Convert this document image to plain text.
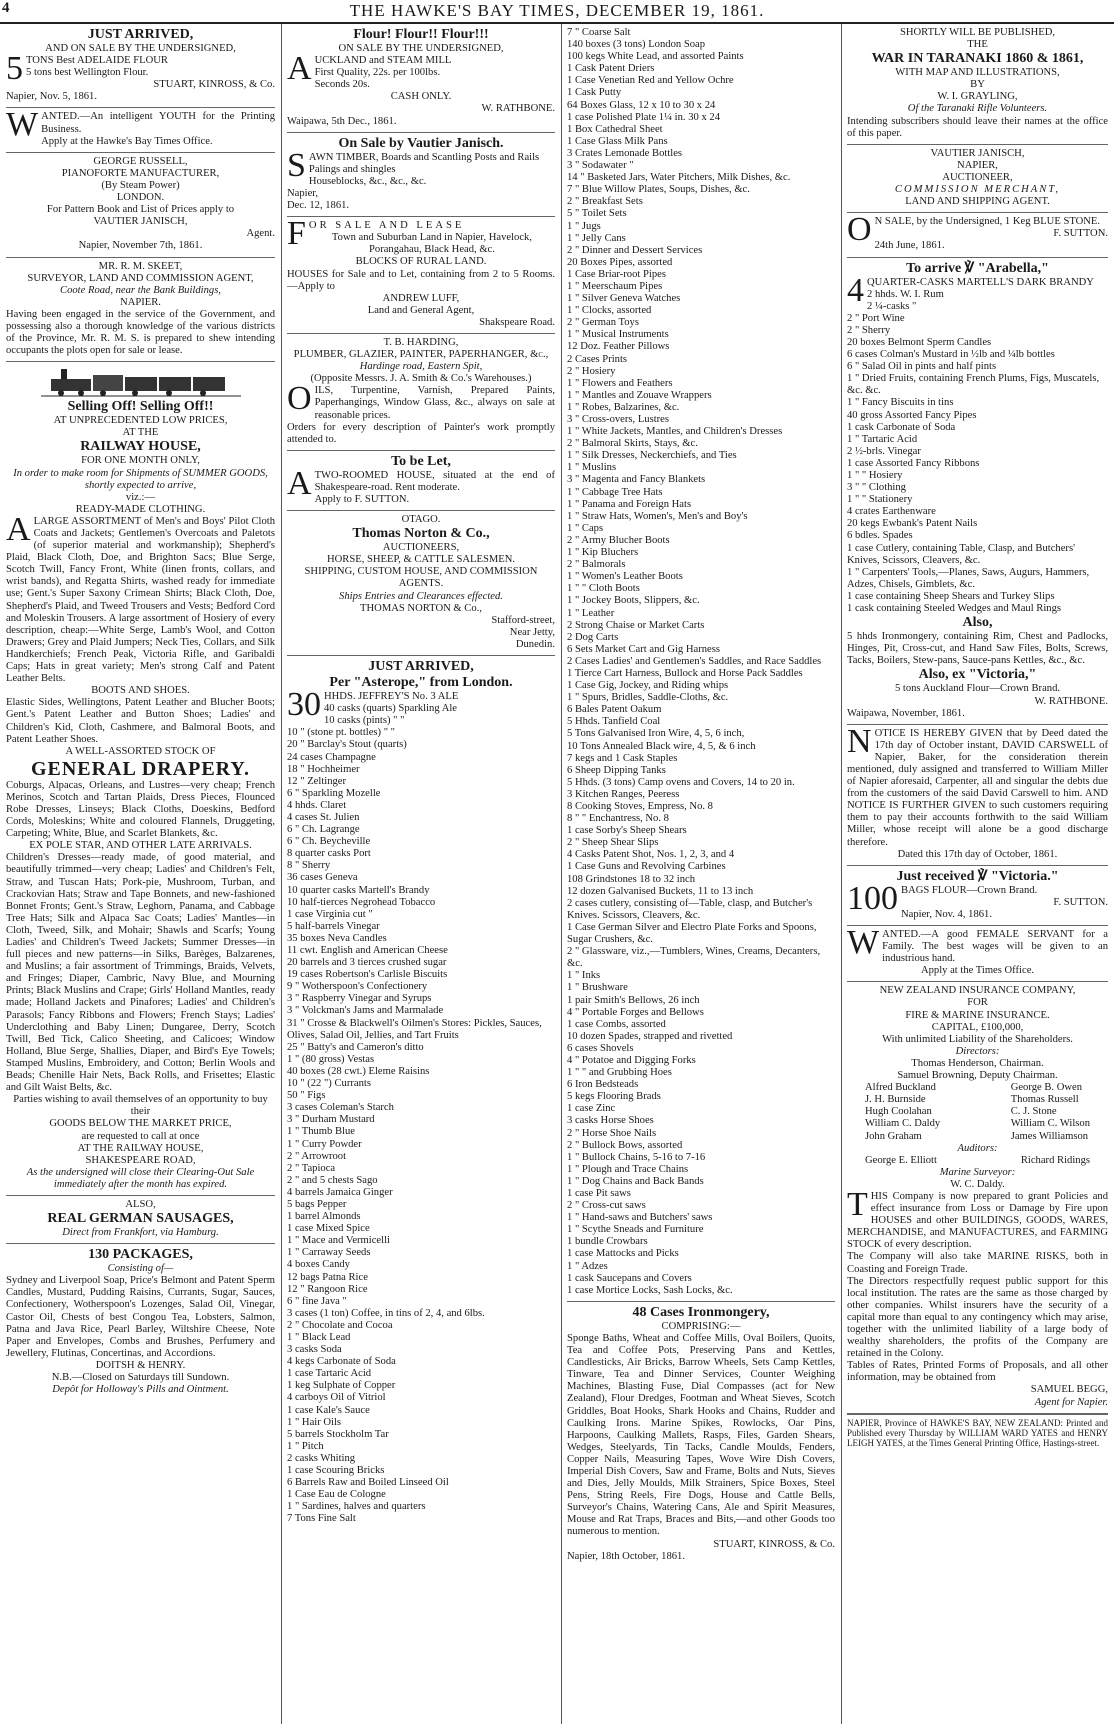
4	THE HAWKE'S BAY TIMES, DECEMBER 19, 1861.
JUST ARRIVED,
AND ON SALE BY THE UNDERSIGNED,
5 TONS Best ADELAIDE FLOUR
5 tons best Wellington Flour.
STUART, KINROSS, & Co.
Napier, Nov. 5, 1861.
WANTED.—An intelligent YOUTH for the Printing Business.
Apply at the Hawke's Bay Times Office.
GEORGE RUSSELL,
PIANOFORTE MANUFACTURER,
(By Steam Power)
LONDON.
For Pattern Book and List of Prices apply to
VAUTIER JANISCH,
Agent.
Napier, November 7th, 1861.
MR. R. M. SKEET,
SURVEYOR, LAND AND COMMISSION AGENT,
Coote Road, near the Bank Buildings,
NAPIER.
Having been engaged in the service of the Government, and possessing also a thorough knowledge of the various districts of the Province, Mr. R. M. S. is prepared to shew intending occupants the plots open for sale or lease.
Selling Off! Selling Off!!
AT UNPRECEDENTED LOW PRICES,
AT THE
RAILWAY HOUSE,
FOR ONE MONTH ONLY,
In order to make room for Shipments of SUMMER GOODS, shortly expected to arrive,
viz.:—
READY-MADE CLOTHING.
ALARGE ASSORTMENT of Men's and Boys' Pilot Cloth Coats and Jackets; Gentlemen's Overcoats and Paletots (of superior material and workmanship); Shepherd's Plaid, Black Cloth, Doe, and Brighton Sacs; Blue Serge, Scotch Twill, Fancy Front, White (linen fronts, collars, and wrist bands), and Regatta Shirts, washed ready for immediate use; Gent.'s Super Saxony Crimean Shirts; Black Cloth, Doe, Shepherd's Plaid, and Tweed Trousers and Vests; Bedford Cord and Moleskin Trousers. A large assortment of Hosiery of every description, cheap:—White Serge, Lamb's Wool, and Cotton Drawers; Grey and Plaid Jumpers; Neck Ties, Collars, and Silk Handkerchiefs; French Peak, Victoria Rifle, and Garibaldi Caps; Hats in great variety; Men's strong Calf and Patent Leather Belts.
BOOTS AND SHOES.
Elastic Sides, Wellingtons, Patent Leather and Blucher Boots; Gent.'s Patent Leather and Button Shoes; Ladies' and Children's Kid, Cloth, Cashmere, and Balmoral Boots, and Patent Leather Shoes.
A WELL-ASSORTED STOCK OF
GENERAL DRAPERY.
Coburgs, Alpacas, Orleans, and Lustres—very cheap; French Merinos, Scotch and Tartan Plaids, Dress Pieces, Flounced Robe Dresses, Linseys; Black Cloths, Doeskins, Bedford Cords, Moleskins; White and coloured Flannels, Druggeting, Carpeting; White, Blue, and Scarlet Blankets, &c.
EX POLE STAR, AND OTHER LATE ARRIVALS.
Children's Dresses—ready made, of good material, and beautifully trimmed—very cheap; Ladies' and Children's Felt, Straw, and Tuscan Hats; Pork-pie, Mushroom, Turban, and Crackovian Hats; Straw and Tape Bonnets, and new-fashioned Bonnet Fronts; Gent.'s Straw, Leghorn, Panama, and Cabbage Tree Hats; Silk and Alpaca Sac Coats; Ladies' Mantles—in Cloth, Tweed, Silk, and Mohair; Shawls and Scarfs; Young Ladies' and Children's Tweed Jackets; Summer Dresses—in full pieces and new patterns—in Silks, Barèges, Balzarenes, and Muslins; a fair assortment of Trimmings, Braids, Velvets, and Fringes; Diaper, Cambric, Navy Blue, and Mourning Prints; Black Muslins and Crape; Girls' Holland Mantles, ready made; Holland Jackets and Pinafores; Ladies' and Children's Parasols; Fancy Ribbons and Flowers; French Stays; Ladies' Underclothing and Baby Linen; Dungaree, Derry, Scotch Twill, Bed Tick, Calico Sheeting, and Calicoes; Window Holland, Blue Serge, Shallies, Diaper, and Bird's Eye Towels; Stamped Muslins, Embroidery, and Cotton; Berlin Wools and Beads; Chenille Hair Nets, Back Rolls, and Frisettes; Elastic and Gilt Waist Belts, &c.
Parties wishing to avail themselves of an opportunity to buy their
GOODS BELOW THE MARKET PRICE,
are requested to call at once
AT THE RAILWAY HOUSE,
SHAKESPEARE ROAD,
As the undersigned will close their Clearing-Out Sale immediately after the month has expired.
ALSO,
REAL GERMAN SAUSAGES,
Direct from Frankfort, via Hamburg.
130 PACKAGES,
Consisting of—
Sydney and Liverpool Soap, Price's Belmont and Patent Sperm Candles, Mustard, Pudding Raisins, Currants, Sugar, Sauces, Confectionery, Wotherspoon's Lozenges, Salad Oil, Vinegar, Castor Oil, Chests of best Congou Tea, Lobsters, Salmon, Patna and Java Rice, Pearl Barley, Wiltshire Cheese, Note Paper and Envelopes, Combs and Brushes, Perfumery and Jewellery, Flutinas, Concertinas, and Accordions.
DOITSH & HENRY.
N.B.—Closed on Saturdays till Sundown.
Depôt for Holloway's Pills and Ointment.
Flour! Flour!! Flour!!!
ON SALE BY THE UNDERSIGNED,
AUCKLAND and STEAM MILL
First Quality, 22s. per 100lbs.
Seconds 20s.
CASH ONLY.
W. RATHBONE.
Waipawa, 5th Dec., 1861.
On Sale by Vautier Janisch.
SAWN TIMBER, Boards and Scantling Posts and Rails
Palings and shingles
Houseblocks, &c., &c., &c.
Napier,
Dec. 12, 1861.
FOR SALE AND LEASE
Town and Suburban Land in Napier, Havelock, Porangahau, Black Head, &c.
BLOCKS OF RURAL LAND.
HOUSES for Sale and to Let, containing from 2 to 5 Rooms.—Apply to
ANDREW LUFF,
Land and General Agent,
Shakspeare Road.
T. B. HARDING,
PLUMBER, GLAZIER, PAINTER, PAPERHANGER, &c.,
Hardinge road, Eastern Spit,
(Opposite Messrs. J. A. Smith & Co.'s Warehouses.)
OILS, Turpentine, Varnish, Prepared Paints, Paperhangings, Window Glass, &c., always on sale at reasonable prices.
Orders for every description of Painter's work promptly attended to.
To be Let,
ATWO-ROOMED HOUSE, situated at the end of Shakespeare-road. Rent moderate.
Apply to F. SUTTON.
OTAGO.
Thomas Norton & Co.,
AUCTIONEERS,
HORSE, SHEEP, & CATTLE SALESMEN.
SHIPPING, CUSTOM HOUSE, AND COMMISSION AGENTS.
Ships Entries and Clearances effected.
THOMAS NORTON & Co.,
Stafford-street,
Near Jetty,
Dunedin.
JUST ARRIVED,
Per "Asterope," from London.
30 HHDS. JEFFREY'S No. 3 ALE
40 casks (quarts) Sparkling Ale
10 casks (pints) " "
10 " (stone pt. bottles) " "
20 " Barclay's Stout (quarts)
24 cases Champagne
18 " Hochheimer
12 " Zeltinger
6 " Sparkling Mozelle
4 hhds. Claret
4 cases St. Julien
6 " Ch. Lagrange
6 " Ch. Beycheville
8 quarter casks Port
8 " Sherry
36 cases Geneva
10 quarter casks Martell's Brandy
10 half-tierces Negrohead Tobacco
1 case Virginia cut "
5 half-barrels Vinegar
35 boxes Neva Candles
11 cwt. English and American Cheese
20 barrels and 3 tierces crushed sugar
19 cases Robertson's Carlisle Biscuits
9 " Wotherspoon's Confectionery
3 " Raspberry Vinegar and Syrups
3 " Volckman's Jams and Marmalade
31 " Crosse & Blackwell's Oilmen's Stores: Pickles, Sauces, Olives, Salad Oil, Jellies, and Tart Fruits
25 " Batty's and Cameron's ditto
1 " (80 gross) Vestas
40 boxes (28 cwt.) Eleme Raisins
10 " (22 ") Currants
50 " Figs
3 cases Coleman's Starch
3 " Durham Mustard
1 " Thumb Blue
1 " Curry Powder
2 " Arrowroot
2 " Tapioca
2 " and 5 chests Sago
4 barrels Jamaica Ginger
5 bags Pepper
1 barrel Almonds
1 case Mixed Spice
1 " Mace and Vermicelli
1 " Carraway Seeds
4 boxes Candy
12 bags Patna Rice
12 " Rangoon Rice
6 " fine Java "
3 cases (1 ton) Coffee, in tins of 2, 4, and 6lbs.
2 " Chocolate and Cocoa
1 " Black Lead
3 casks Soda
4 kegs Carbonate of Soda
1 case Tartaric Acid
1 keg Sulphate of Copper
4 carboys Oil of Vitriol
1 case Kale's Sauce
1 " Hair Oils
5 barrels Stockholm Tar
1 " Pitch
2 casks Whiting
1 case Scouring Bricks
6 Barrels Raw and Boiled Linseed Oil
1 Case Eau de Cologne
1 " Sardines, halves and quarters
7 Tons Fine Salt
7 " Coarse Salt
140 boxes (3 tons) London Soap
100 kegs White Lead, and assorted Paints
1 Cask Patent Driers
1 Case Venetian Red and Yellow Ochre
1 Cask Putty
64 Boxes Glass, 12 x 10 to 30 x 24
1 case Polished Plate 1¼ in. 30 x 24
1 Box Cathedral Sheet
1 Case Glass Milk Pans
3 Crates Lemonade Bottles
3 " Sodawater "
14 " Basketed Jars, Water Pitchers, Milk Dishes, &c.
7 " Blue Willow Plates, Soups, Dishes, &c.
2 " Breakfast Sets
5 " Toilet Sets
1 " Jugs
1 " Jelly Cans
2 " Dinner and Dessert Services
20 Boxes Pipes, assorted
1 Case Briar-root Pipes
1 " Meerschaum Pipes
1 " Silver Geneva Watches
1 " Clocks, assorted
2 " German Toys
1 " Musical Instruments
12 Doz. Feather Pillows
2 Cases Prints
2 " Hosiery
1 " Flowers and Feathers
1 " Mantles and Zouave Wrappers
1 " Robes, Balzarines, &c.
3 " Cross-overs, Lustres
1 " White Jackets, Mantles, and Children's Dresses
2 " Balmoral Skirts, Stays, &c.
1 " Silk Dresses, Neckerchiefs, and Ties
1 " Muslins
3 " Magenta and Fancy Blankets
1 " Cabbage Tree Hats
1 " Panama and Foreign Hats
1 " Straw Hats, Women's, Men's and Boy's
1 " Caps
2 " Army Blucher Boots
1 " Kip Bluchers
2 " Balmorals
1 " Women's Leather Boots
1 " " Cloth Boots
1 " Jockey Boots, Slippers, &c.
1 " Leather
2 Strong Chaise or Market Carts
2 Dog Carts
6 Sets Market Cart and Gig Harness
2 Cases Ladies' and Gentlemen's Saddles, and Race Saddles
1 Tierce Cart Harness, Bullock and Horse Pack Saddles
1 Case Gig, Jockey, and Riding whips
1 " Spurs, Bridles, Saddle-Cloths, &c.
6 Bales Patent Oakum
5 Hhds. Tanfield Coal
5 Tons Galvanised Iron Wire, 4, 5, 6 inch,
10 Tons Annealed Black wire, 4, 5, & 6 inch
7 kegs and 1 Cask Staples
6 Sheep Dipping Tanks
5 Hhds. (3 tons) Camp ovens and Covers, 14 to 20 in.
3 Kitchen Ranges, Peeress
8 Cooking Stoves, Empress, No. 8
8 " " Enchantress, No. 8
1 case Sorby's Sheep Shears
2 " Sheep Shear Slips
4 Casks Patent Shot, Nos. 1, 2, 3, and 4
1 Case Guns and Revolving Carbines
108 Grindstones 18 to 32 inch
12 dozen Galvanised Buckets, 11 to 13 inch
2 cases cutlery, consisting of—Table, clasp, and Butcher's Knives. Scissors, Cleavers, &c.
1 Case German Silver and Electro Plate Forks and Spoons, Sugar Crushers, &c.
2 " Glassware, viz.,—Tumblers, Wines, Creams, Decanters, &c.
1 " Inks
1 " Brushware
1 pair Smith's Bellows, 26 inch
4 " Portable Forges and Bellows
1 case Combs, assorted
10 dozen Spades, strapped and rivetted
6 cases Shovels
4 " Potatoe and Digging Forks
1 " " and Grubbing Hoes
6 Iron Bedsteads
5 kegs Flooring Brads
1 case Zinc
3 casks Horse Shoes
2 " Horse Shoe Nails
2 " Bullock Bows, assorted
1 " Bullock Chains, 5-16 to 7-16
1 " Plough and Trace Chains
1 " Dog Chains and Back Bands
1 case Pit saws
2 " Cross-cut saws
1 " Hand-saws and Butchers' saws
1 " Scythe Sneads and Furniture
1 bundle Crowbars
1 case Mattocks and Picks
1 " Adzes
1 cask Saucepans and Covers
1 case Mortice Locks, Sash Locks, &c.
48 Cases Ironmongery,
COMPRISING:—
Sponge Baths, Wheat and Coffee Mills, Oval Boilers, Quoits, Tea and Coffee Pots, Preserving Pans and Kettles, Candlesticks, Air Bricks, Barrow Wheels, Sets Camp Kettles, Tinware, Tea and Dinner Services, Counter Weighing Machines, Blasting Fuse, Dial Compasses (act for New Zealand), Flour Dredges, Footman and Wheat Sieves, Scotch Griddles, Boat Hooks, Shark Hooks and Chains, Rudder and Caulking Irons. Marine Spikes, Rowlocks, Oar Pins, Harpoons, Caulking Mallets, Rasps, Files, Garden Shears, Wedges, Steelyards, Tin Tacks, Candle Moulds, Fenders, Copper Nails, Measuring Tapes, Wove Wire Dish Covers, Imperial Dish Covers, Saw and Frame, Bolts and Nuts, Sieves and Dies, Jelly Moulds, Milk Strainers, Spice Boxes, Steel Pens, String Reels, Fire Dogs, House and Cattle Bells, Surveyor's Chains, Watering Cans, Ale and Spirit Measures, Mouse and Rat Traps, Braces and Bits,—and other Goods too numerous to mention.
STUART, KINROSS, & Co.
Napier, 18th October, 1861.
SHORTLY WILL BE PUBLISHED,
THE
WAR IN TARANAKI 1860 & 1861,
WITH MAP AND ILLUSTRATIONS,
BY
W. I. GRAYLING,
Of the Taranaki Rifle Volunteers.
Intending subscribers should leave their names at the office of this paper.
VAUTIER JANISCH,
NAPIER,
AUCTIONEER,
COMMISSION MERCHANT,
LAND AND SHIPPING AGENT.
O N SALE, by the Undersigned, 1 Keg BLUE STONE.
F. SUTTON.
24th June, 1861.
To arrive ℣ "Arabella,"
4 QUARTER-CASKS MARTELL'S DARK BRANDY
2 hhds. W. I. Rum
2 ¼-casks "
2 " Port Wine
2 " Sherry
20 boxes Belmont Sperm Candles
6 cases Colman's Mustard in ½lb and ¼lb bottles
6 " Salad Oil in pints and half pints
1 " Dried Fruits, containing French Plums, Figs, Muscatels, &c. &c.
1 " Fancy Biscuits in tins
40 gross Assorted Fancy Pipes
1 cask Carbonate of Soda
1 " Tartaric Acid
2 ½-brls. Vinegar
1 case Assorted Fancy Ribbons
1 " " Hosiery
3 " " Clothing
1 " " Stationery
4 crates Earthenware
20 kegs Ewbank's Patent Nails
6 bdles. Spades
1 case Cutlery, containing Table, Clasp, and Butchers' Knives, Scissors, Cleavers, &c.
1 " Carpenters' Tools,—Planes, Saws, Augurs, Hammers, Adzes, Chisels, Gimblets, &c.
1 case containing Sheep Shears and Turkey Slips
1 cask containing Steeled Wedges and Maul Rings
Also,
5 hhds Ironmongery, containing Rim, Chest and Padlocks, Hinges, Pit, Cross-cut, and Hand Saw Files, Bolts, Screws, Tacks, Boilers, Stew-pans, Sauce-pans Kettles, &c., &c.
Also, ex "Victoria,"
5 tons Auckland Flour—Crown Brand.
W. RATHBONE.
Waipawa, November, 1861.
NOTICE IS HEREBY GIVEN that by Deed dated the 17th day of October instant, DAVID CARSWELL of Napier, Baker, for the consideration therein mentioned, duly assigned and transferred to William Miller of Napier aforesaid, Carpenter, all and singular the debts due from the customers of the said David Carswell to him. AND NOTICE IS FURTHER GIVEN to such customers requiring them to pay their accounts forthwith to the said William Miller, whose receipt will alone be a good discharge therefore.
Dated this 17th day of October, 1861.
Just received ℣ "Victoria."
100 BAGS FLOUR—Crown Brand.
F. SUTTON.
Napier, Nov. 4, 1861.
WANTED.—A good FEMALE SERVANT for a Family. The best wages will be given to an industrious hand.
Apply at the Times Office.
NEW ZEALAND INSURANCE COMPANY,
FOR
FIRE & MARINE INSURANCE.
CAPITAL, £100,000,
With unlimited Liability of the Shareholders.
Directors:
Thomas Henderson, Chairman.
Samuel Browning, Deputy Chairman.
Alfred Buckland
J. H. Burnside
Hugh Coolahan
William C. Daldy
John Graham
George B. Owen
Thomas Russell
C. J. Stone
William C. Wilson
James Williamson
Auditors:
George E. Elliott	Richard Ridings
Marine Surveyor:
W. C. Daldy.
THIS Company is now prepared to grant Policies and effect insurance from Loss or Damage by Fire upon HOUSES and other BUILDINGS, GOODS, WARES, MERCHANDISE, and MANUFACTURES, and FARMING STOCK of every description.
The Company will also take MARINE RISKS, both in Coasting and Foreign Trade.
The Directors respectfully request public support for this local institution. The rates are the same as those charged by other companies. Whilst insurers have the security of a capital more than equal to any contingency which may arise, together with the unlimited liability of a large body of wealthy shareholders, the profits of the Company are retained in the Colony.
Tables of Rates, Printed Forms of Proposals, and all other information, may be obtained from
SAMUEL BEGG,
Agent for Napier.
NAPIER, Province of HAWKE'S BAY, NEW ZEALAND: Printed and Published every Thursday by WILLIAM WARD YATES and HENRY LEIGH YATES, at the Times General Printing Office, Hastings-street.
